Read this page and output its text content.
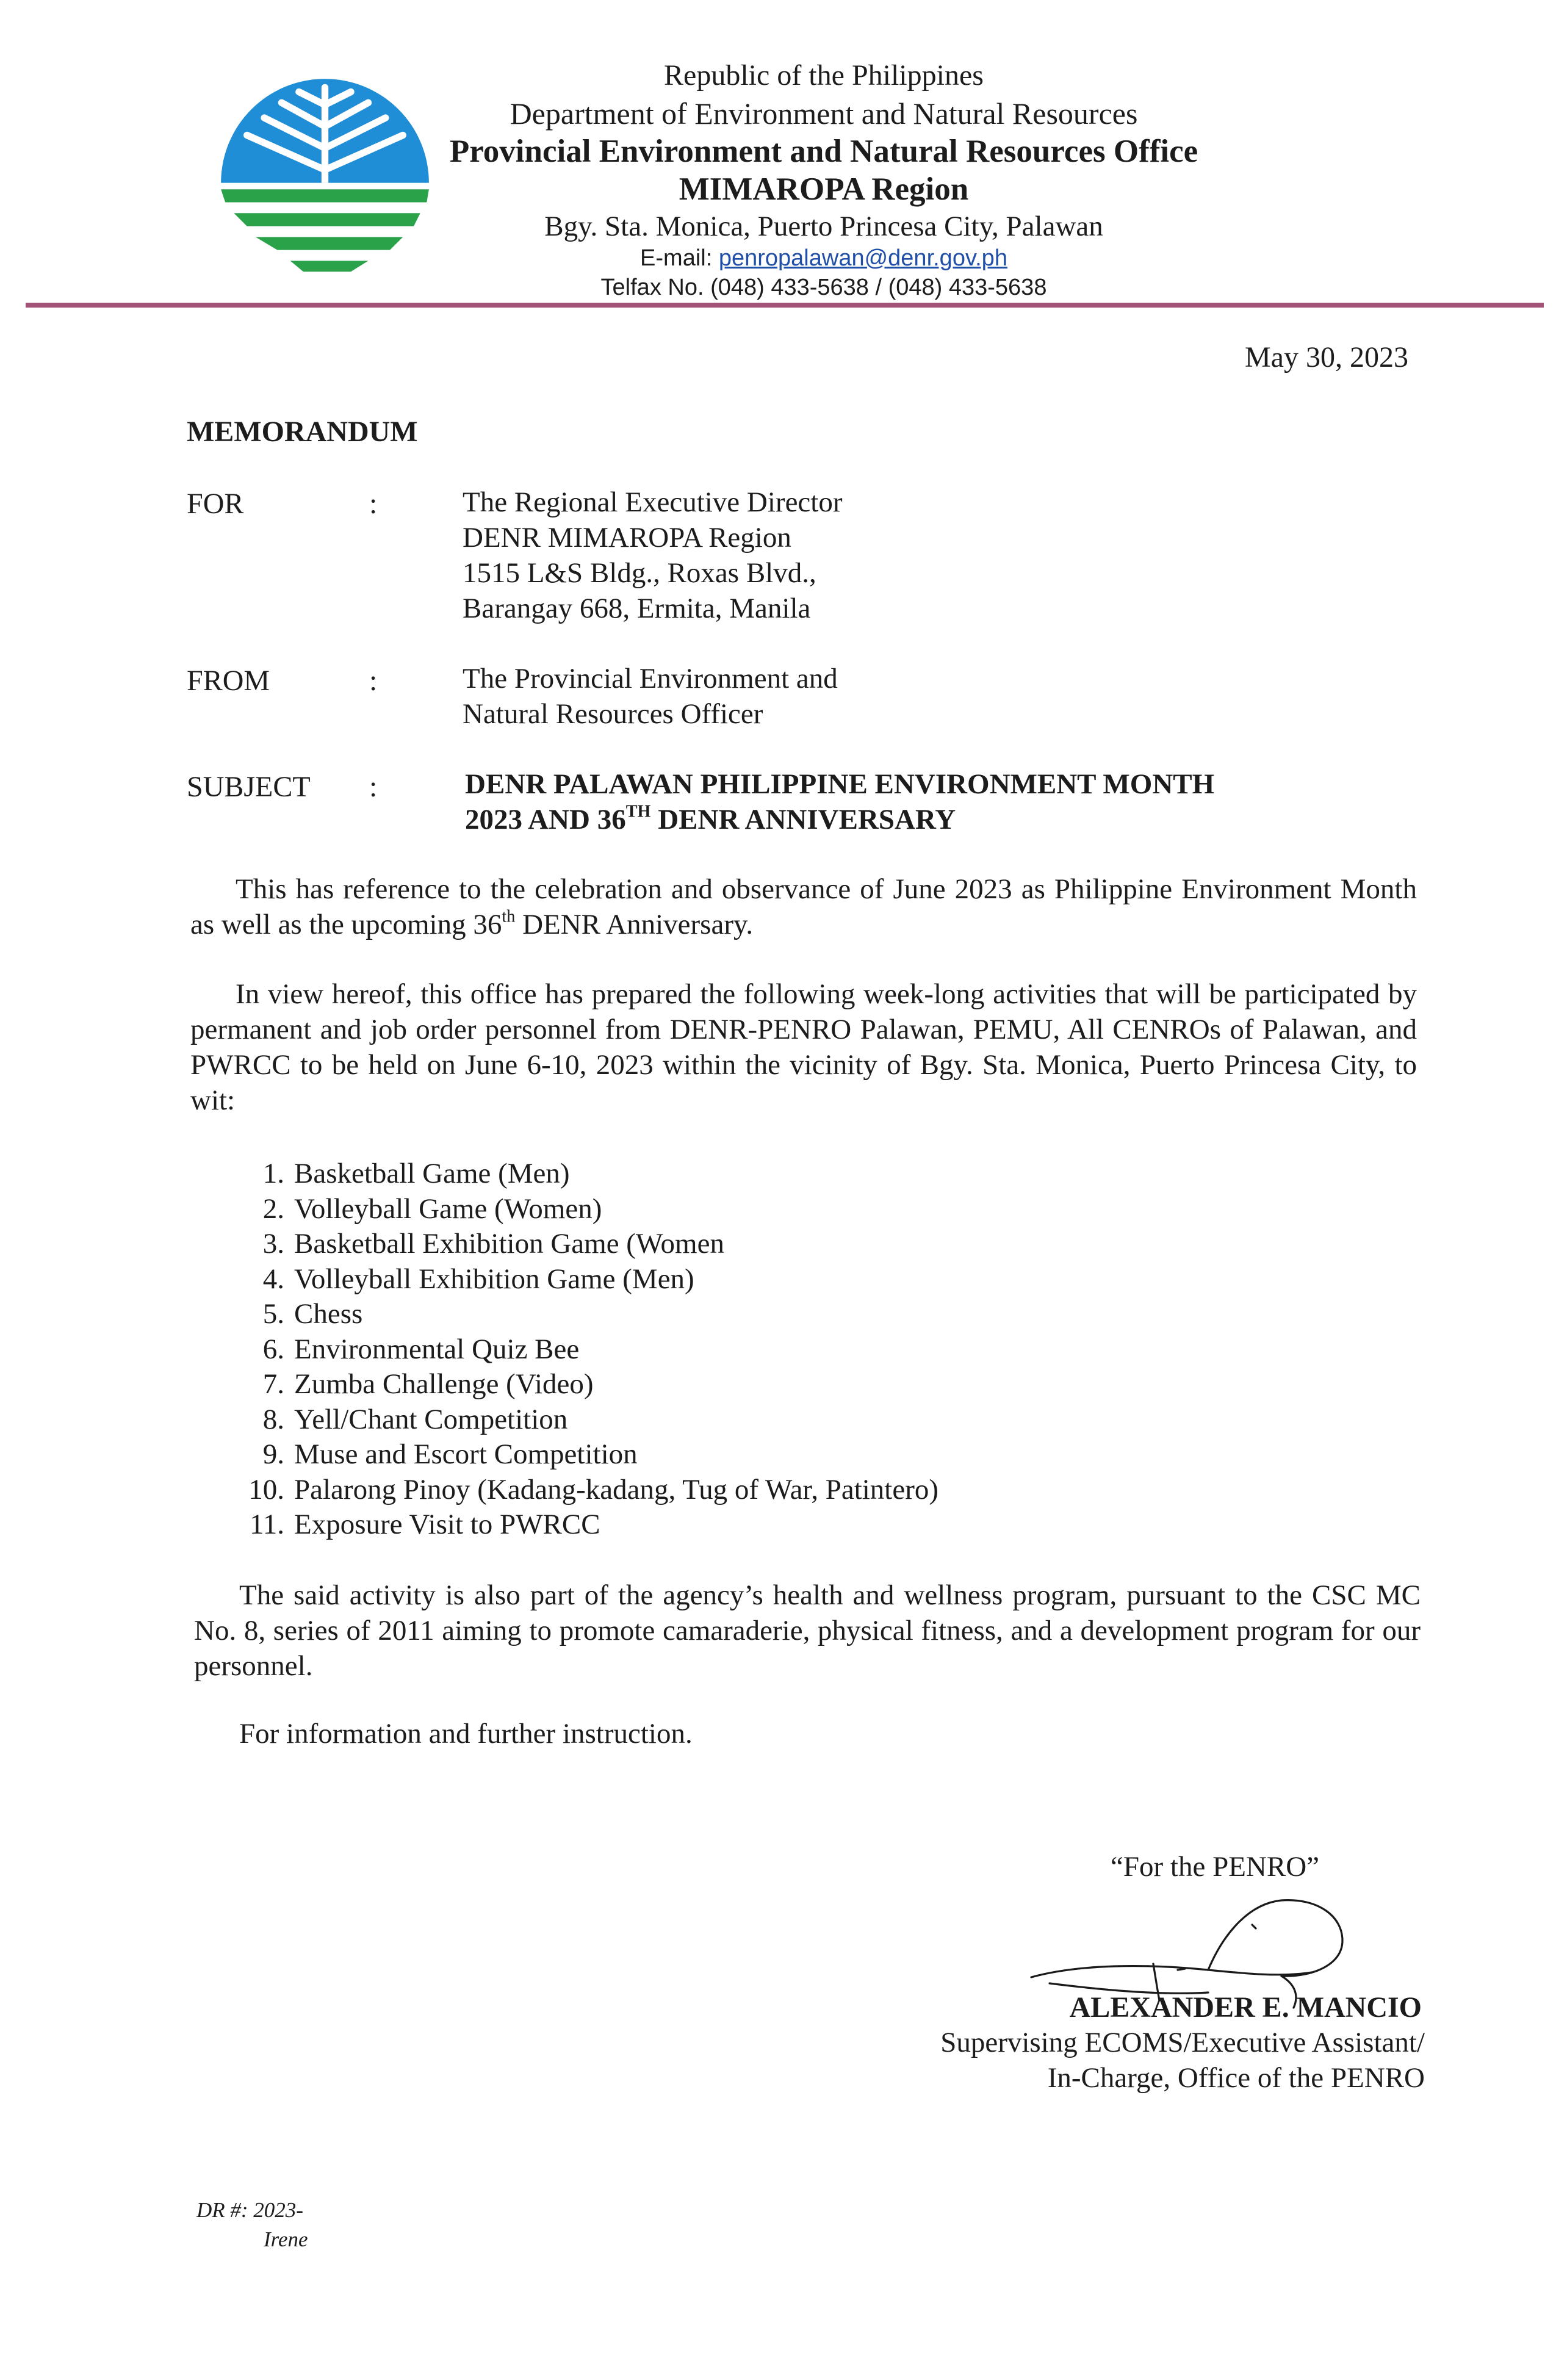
Republic of the Philippines
Department of Environment and Natural Resources
Provincial Environment and Natural Resources Office
MIMAROPA Region
Bgy. Sta. Monica, Puerto Princesa City, Palawan
E-mail: penropalawan@denr.gov.ph
Telfax No. (048) 433-5638 / (048) 433-5638
May 30, 2023
MEMORANDUM
FOR	:	The Regional Executive Director
DENR MIMAROPA Region
1515 L&S Bldg., Roxas Blvd.,
Barangay 668, Ermita, Manila
FROM	:	The Provincial Environment and
Natural Resources Officer
SUBJECT :	DENR PALAWAN PHILIPPINE ENVIRONMENT MONTH
2023 AND 36TH DENR ANNIVERSARY
This has reference to the celebration and observance of June 2023 as Philippine Environment Month as well as the upcoming 36th DENR Anniversary.
In view hereof, this office has prepared the following week-long activities that will be participated by permanent and job order personnel from DENR-PENRO Palawan, PEMU, All CENROs of Palawan, and PWRCC to be held on June 6-10, 2023 within the vicinity of Bgy. Sta. Monica, Puerto Princesa City, to wit:
1. Basketball Game (Men)
2. Volleyball Game (Women)
3. Basketball Exhibition Game (Women
4. Volleyball Exhibition Game (Men)
5. Chess
6. Environmental Quiz Bee
7. Zumba Challenge (Video)
8. Yell/Chant Competition
9. Muse and Escort Competition
10. Palarong Pinoy (Kadang-kadang, Tug of War, Patintero)
11. Exposure Visit to PWRCC
The said activity is also part of the agency’s health and wellness program, pursuant to the CSC MC No. 8, series of 2011 aiming to promote camaraderie, physical fitness, and a development program for our personnel.
For information and further instruction.
“For the PENRO”
ALEXANDER E. MANCIO
Supervising ECOMS/Executive Assistant/
In-Charge, Office of the PENRO
DR #: 2023-
Irene
